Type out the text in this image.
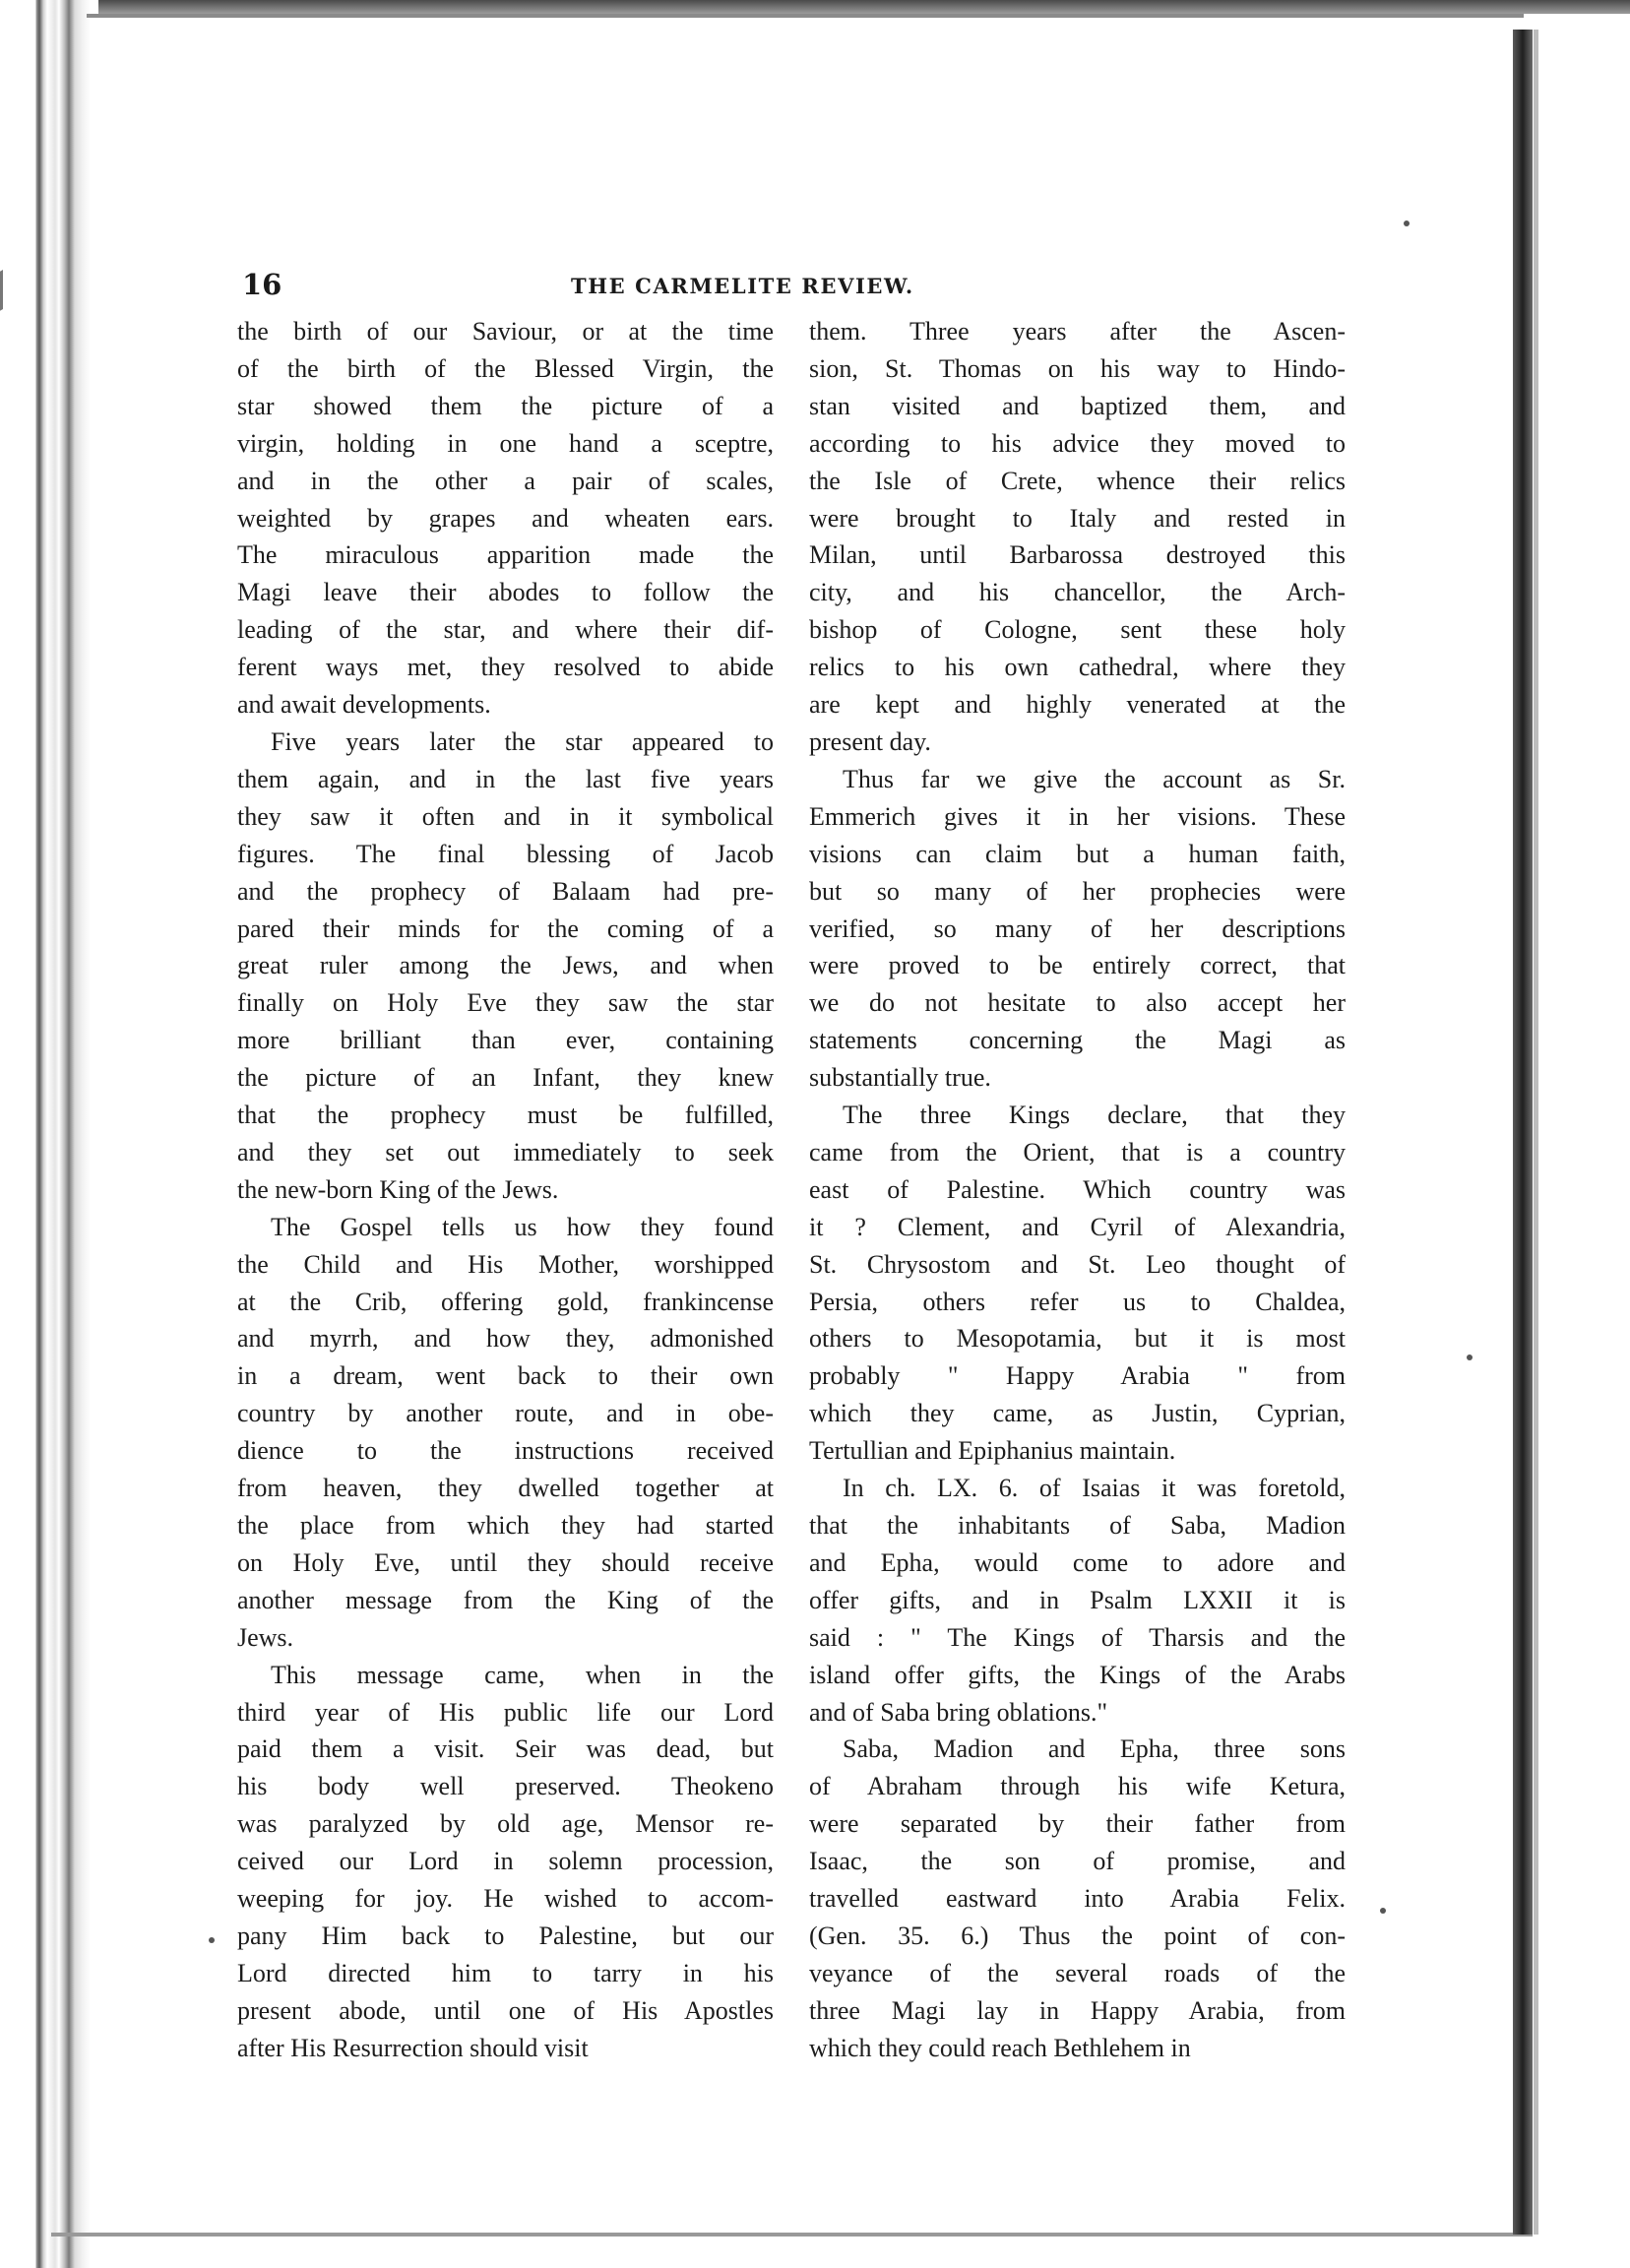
16	THE CARMELITE REVIEW.

the birth of our Saviour, or at the time

of the birth of the Blessed Virgin, the

star showed them the picture of a

virgin, holding in one hand a sceptre,

and in the other a pair of scales,

weighted by grapes and wheaten ears.

The miraculous apparition made the

Magi leave their abodes to follow the

leading of the star, and where their dif-

ferent ways met, they resolved to abide

and await developments.

Five years later the star appeared to

them again, and in the last five years

they saw it often and in it symbolical

figures. The final blessing of Jacob

and the prophecy of Balaam had pre-

pared their minds for the coming of a

great ruler among the Jews, and when

finally on Holy Eve they saw the star

more brilliant than ever, containing

the picture of an Infant, they knew

that the prophecy must be fulfilled,

and they set out immediately to seek

the new-born King of the Jews.

The Gospel tells us how they found

the Child and His Mother, worshipped

at the Crib, offering gold, frankincense

and myrrh, and how they, admonished

in a dream, went back to their own

country by another route, and in obe-

dience to the instructions received

from heaven, they dwelled together at

the place from which they had started

on Holy Eve, until they should receive

another message from the King of the

Jews.

This message came, when in the

third year of His public life our Lord

paid them a visit. Seir was dead, but

his body well preserved. Theokeno

was paralyzed by old age, Mensor re-

ceived our Lord in solemn procession,

weeping for joy. He wished to accom-

pany Him back to Palestine, but our

Lord directed him to tarry in his

present abode, until one of His Apostles

after His Resurrection should visit

them. Three years after the Ascen-

sion, St. Thomas on his way to Hindo-

stan visited and baptized them, and

according to his advice they moved to

the Isle of Crete, whence their relics

were brought to Italy and rested in

Milan, until Barbarossa destroyed this

city, and his chancellor, the Arch-

bishop of Cologne, sent these holy

relics to his own cathedral, where they

are kept and highly venerated at the

present day.

Thus far we give the account as Sr.

Emmerich gives it in her visions. These

visions can claim but a human faith,

but so many of her prophecies were

verified, so many of her descriptions

were proved to be entirely correct, that

we do not hesitate to also accept her

statements concerning the Magi as

substantially true.

The three Kings declare, that they

came from the Orient, that is a country

east of Palestine. Which country was

it ? Clement, and Cyril of Alexandria,

St. Chrysostom and St. Leo thought of

Persia, others refer us to Chaldea,

others to Mesopotamia, but it is most

probably " Happy Arabia " from

which they came, as Justin, Cyprian,

Tertullian and Epiphanius maintain.

In ch. LX. 6. of Isaias it was foretold,

that the inhabitants of Saba, Madion

and Epha, would come to adore and

offer gifts, and in Psalm LXXII it is

said : " The Kings of Tharsis and the

island offer gifts, the Kings of the Arabs

and of Saba bring oblations."

Saba, Madion and Epha, three sons

of Abraham through his wife Ketura,

were separated by their father from

Isaac, the son of promise, and

travelled eastward into Arabia Felix.

(Gen. 35. 6.) Thus the point of con-

veyance of the several roads of the

three Magi lay in Happy Arabia, from

which they could reach Bethlehem in
